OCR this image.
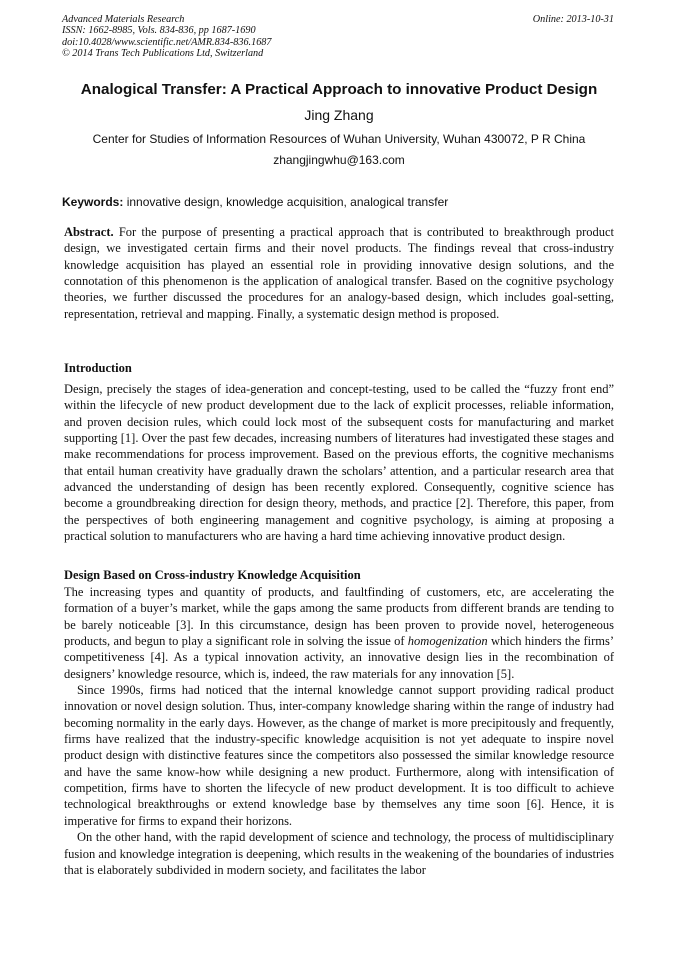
Advanced Materials Research
ISSN: 1662-8985, Vols. 834-836, pp 1687-1690
doi:10.4028/www.scientific.net/AMR.834-836.1687
© 2014 Trans Tech Publications Ltd, Switzerland
Online: 2013-10-31
Analogical Transfer: A Practical Approach to innovative Product Design
Jing Zhang
Center for Studies of Information Resources of Wuhan University, Wuhan 430072, P R China
zhangjingwhu@163.com
Keywords: innovative design, knowledge acquisition, analogical transfer

Abstract. For the purpose of presenting a practical approach that is contributed to breakthrough product design, we investigated certain firms and their novel products. The findings reveal that cross-industry knowledge acquisition has played an essential role in providing innovative design solutions, and the connotation of this phenomenon is the application of analogical transfer. Based on the cognitive psychology theories, we further discussed the procedures for an analogy-based design, which includes goal-setting, representation, retrieval and mapping. Finally, a systematic design method is proposed.

Introduction

Design, precisely the stages of idea-generation and concept-testing, used to be called the “fuzzy front end” within the lifecycle of new product development due to the lack of explicit processes, reliable information, and proven decision rules, which could lock most of the subsequent costs for manufacturing and market supporting [1]. Over the past few decades, increasing numbers of literatures had investigated these stages and make recommendations for process improvement. Based on the previous efforts, the cognitive mechanisms that entail human creativity have gradually drawn the scholars’ attention, and a particular research area that advanced the understanding of design has been recently explored. Consequently, cognitive science has become a groundbreaking direction for design theory, methods, and practice [2]. Therefore, this paper, from the perspectives of both engineering management and cognitive psychology, is aiming at proposing a practical solution to manufacturers who are having a hard time achieving innovative product design.

Design Based on Cross-industry Knowledge Acquisition

The increasing types and quantity of products, and faultfinding of customers, etc, are accelerating the formation of a buyer’s market, while the gaps among the same products from different brands are tending to be barely noticeable [3]. In this circumstance, design has been proven to provide novel, heterogeneous products, and begun to play a significant role in solving the issue of homogenization which hinders the firms’ competitiveness [4]. As a typical innovation activity, an innovative design lies in the recombination of designers’ knowledge resource, which is, indeed, the raw materials for any innovation [5].

Since 1990s, firms had noticed that the internal knowledge cannot support providing radical product innovation or novel design solution. Thus, inter-company knowledge sharing within the range of industry had becoming normality in the early days. However, as the change of market is more precipitously and frequently, firms have realized that the industry-specific knowledge acquisition is not yet adequate to inspire novel product design with distinctive features since the competitors also possessed the similar knowledge resource and have the same know-how while designing a new product. Furthermore, along with intensification of competition, firms have to shorten the lifecycle of new product development. It is too difficult to achieve technological breakthroughs or extend knowledge base by themselves any time soon [6]. Hence, it is imperative for firms to expand their horizons.

On the other hand, with the rapid development of science and technology, the process of multidisciplinary fusion and knowledge integration is deepening, which results in the weakening of the boundaries of industries that is elaborately subdivided in modern society, and facilitates the labor
